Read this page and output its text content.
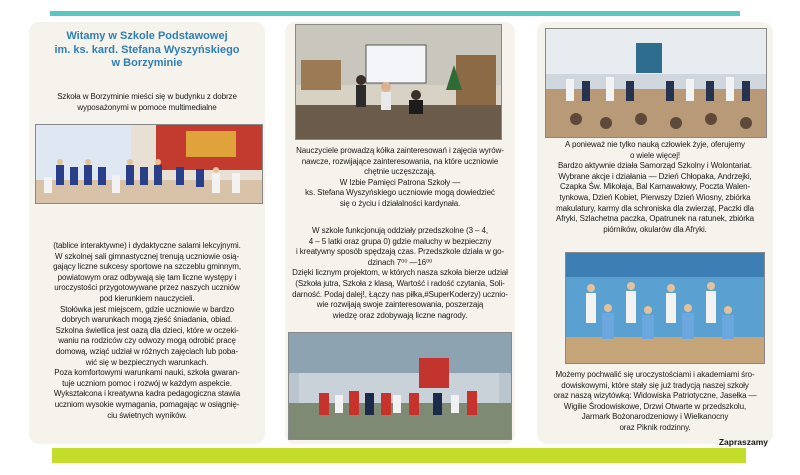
Witamy w Szkole Podstawowej
im. ks. kard. Stefana Wyszyńskiego
w Borzyminie
Szkoła w Borzyminie mieści się w budynku z dobrze
wyposażonymi w pomoce multimedialne
(tablice interaktywne) i dydaktyczne salami lekcyjnymi.
W szkolnej sali gimnastycznej trenują uczniowie osią-
gający liczne sukcesy sportowe na szczeblu gminnym,
powiatowym oraz odbywają się tam liczne występy i
uroczystości przygotowywane przez naszych uczniów
pod kierunkiem nauczycieli.
Stołówka jest miejscem, gdzie uczniowie w bardzo
dobrych warunkach mogą zjeść śniadania, obiad.
Szkolna świetlica jest oazą dla dzieci, które w oczeki-
waniu na rodziców czy odwozy mogą odrobić pracę
domową, wziąć udział w różnych zajęciach lub poba-
wić się w bezpiecznych warunkach.
Poza komfortowymi warunkami nauki, szkoła gwaran-
tuje uczniom pomoc i rozwój w każdym aspekcie.
Wykształcona i kreatywna kadra pedagogiczna stawia
uczniom wysokie wymagania, pomagając w osiągnię-
ciu świetnych wyników.
Nauczyciele prowadzą kółka zainteresowań i zajęcia wyrów-
nawcze, rozwijające zainteresowania, na które uczniowie
chętnie uczęszczają.
W Izbie Pamięci Patrona Szkoły —
ks. Stefana Wyszyńskiego uczniowie mogą dowiedzieć
się o życiu i działalności kardynała.
W szkole funkcjonują oddziały przedszkolne (3 – 4,
4 – 5 latki oraz grupa 0) gdzie maluchy w bezpieczny
i kreatywny sposób spędzają czas. Przedszkole działa w go-
dzinach 7⁰⁰ —16⁰⁰
Dzięki licznym projektom, w których nasza szkoła bierze udział
(Szkoła jutra, Szkoła z klasą, Wartość i radość czytania, Soli-
darność. Podaj dalej!, Łączy nas piłka,#SuperKoderzy) ucznio-
wie rozwijają swoje zainteresowania, poszerzają
wiedzę oraz zdobywają liczne nagrody.
A ponieważ nie tylko nauką człowiek żyje, oferujemy
o wiele więcej!
Bardzo aktywnie działa Samorząd Szkolny i Wolontariat.
Wybrane akcje i działania — Dzień Chłopaka, Andrzejki,
Czapka Św. Mikołaja, Bal Karnawałowy, Poczta Walen-
tynkowa, Dzień Kobiet, Pierwszy Dzień Wiosny, zbiórka
makulatury, karmy dla schroniska dla zwierząt, Paczki dla
Afryki, Szlachetna paczka, Opatrunek na ratunek, zbiórka
piórników, okularów dla Afryki.
Możemy pochwalić się uroczystościami i akademiami śro-
dowiskowymi, które stały się już tradycją naszej szkoły
oraz naszą wizytówką: Widowiska Patriotyczne, Jasełka —
Wigilie Środowiskowe, Drzwi Otwarte w przedszkolu,
Jarmark Bożonarodzeniowy i Wielkanocny
oraz Piknik rodzinny.
Zapraszamy
